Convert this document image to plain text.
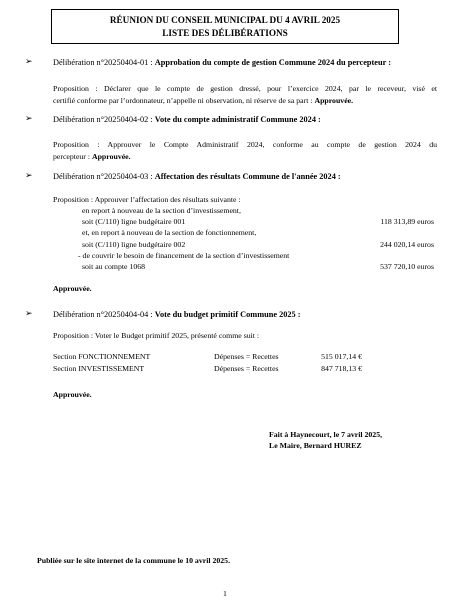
RÉUNION DU CONSEIL MUNICIPAL DU 4 AVRIL 2025
LISTE DES DÉLIBÉRATIONS
➢ Délibération n°20250404-01 : Approbation du compte de gestion Commune 2024 du percepteur :
Proposition : Déclarer que le compte de gestion dressé, pour l’exercice 2024, par le receveur, visé et
certifié conforme par l’ordonnateur, n’appelle ni observation, ni réserve de sa part : Approuvée.
➢ Délibération n°20250404-02 : Vote du compte administratif Commune 2024 :
Proposition : Approuver le Compte Administratif 2024, conforme au compte de gestion 2024 du
percepteur : Approuvée.
➢ Délibération n°20250404-03 : Affectation des résultats Commune de l'année 2024 :
Proposition : Approuver l’affectation des résultats suivante :
en report à nouveau de la section d’investissement,
soit (C/110) ligne budgétaire 001	118 313,89 euros
et, en report à nouveau de la section de fonctionnement,
soit (C/110) ligne budgétaire 002	244 020,14 euros
- de couvrir le besoin de financement de la section d’investissement
soit au compte 1068	537 720,10 euros
Approuvée.
➢ Délibération n°20250404-04 : Vote du budget primitif Commune 2025 :
Proposition : Voter le Budget primitif 2025, présenté comme suit :
Section FONCTIONNEMENT	Dépenses = Recettes	515 017,14 €
Section INVESTISSEMENT	Dépenses = Recettes	847 718,13 €
Approuvée.
Fait à Haynecourt, le 7 avril 2025,
Le Maire, Bernard HUREZ
Publiée sur le site internet de la commune le 10 avril 2025.
1
